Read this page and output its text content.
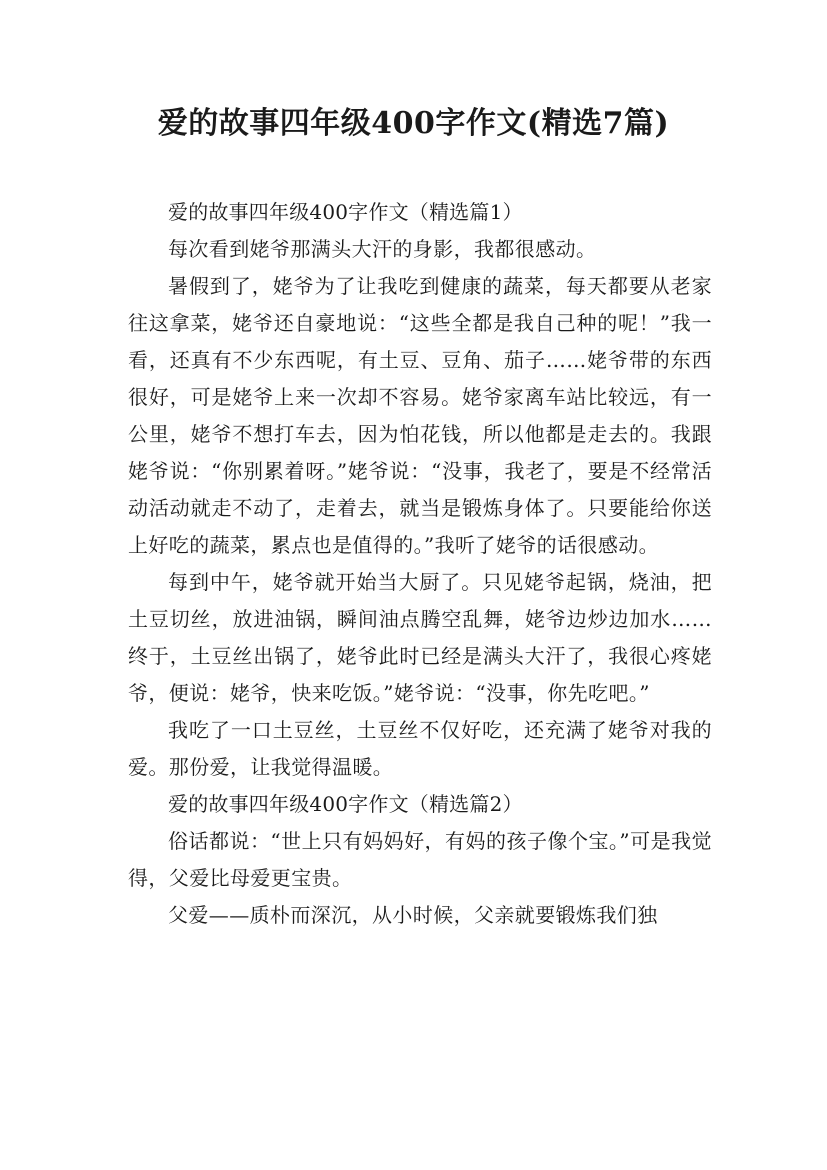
爱的故事四年级400字作文(精选7篇)

爱的故事四年级400字作文（精选篇1）

每次看到姥爷那满头大汗的身影，我都很感动。

暑假到了，姥爷为了让我吃到健康的蔬菜，每天都要从老家往这拿菜，姥爷还自豪地说：“这些全都是我自己种的呢！”我一看，还真有不少东西呢，有土豆、豆角、茄子……姥爷带的东西很好，可是姥爷上来一次却不容易。姥爷家离车站比较远，有一公里，姥爷不想打车去，因为怕花钱，所以他都是走去的。我跟姥爷说：“你别累着呀。”姥爷说：“没事，我老了，要是不经常活动活动就走不动了，走着去，就当是锻炼身体了。只要能给你送上好吃的蔬菜，累点也是值得的。”我听了姥爷的话很感动。

每到中午，姥爷就开始当大厨了。只见姥爷起锅，烧油，把土豆切丝，放进油锅，瞬间油点腾空乱舞，姥爷边炒边加水……终于，土豆丝出锅了，姥爷此时已经是满头大汗了，我很心疼姥爷，便说：姥爷，快来吃饭。”姥爷说：“没事，你先吃吧。”

我吃了一口土豆丝，土豆丝不仅好吃，还充满了姥爷对我的爱。那份爱，让我觉得温暖。

爱的故事四年级400字作文（精选篇2）

俗话都说：“世上只有妈妈好，有妈的孩子像个宝。”可是我觉得，父爱比母爱更宝贵。

父爱——质朴而深沉，从小时候，父亲就要锻炼我们独
